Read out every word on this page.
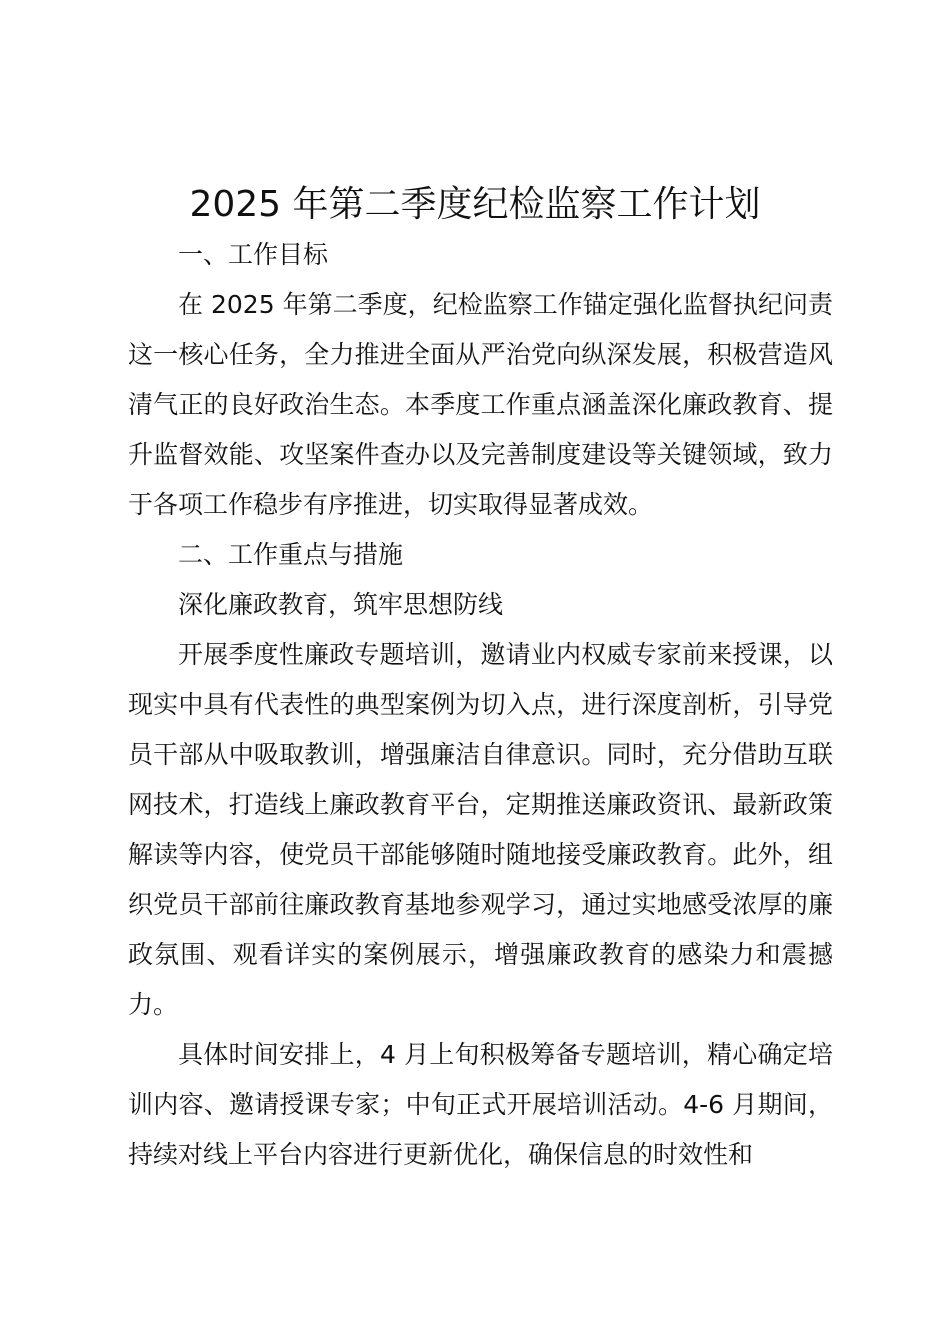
2025 年第二季度纪检监察工作计划

一、工作目标

在 2025 年第二季度，纪检监察工作锚定强化监督执纪问责这一核心任务，全力推进全面从严治党向纵深发展，积极营造风清气正的良好政治生态。本季度工作重点涵盖深化廉政教育、提升监督效能、攻坚案件查办以及完善制度建设等关键领域，致力于各项工作稳步有序推进，切实取得显著成效。

二、工作重点与措施

深化廉政教育，筑牢思想防线

开展季度性廉政专题培训，邀请业内权威专家前来授课，以现实中具有代表性的典型案例为切入点，进行深度剖析，引导党员干部从中吸取教训，增强廉洁自律意识。同时，充分借助互联网技术，打造线上廉政教育平台，定期推送廉政资讯、最新政策解读等内容，使党员干部能够随时随地接受廉政教育。此外，组织党员干部前往廉政教育基地参观学习，通过实地感受浓厚的廉政氛围、观看详实的案例展示，增强廉政教育的感染力和震撼力。

具体时间安排上，4 月上旬积极筹备专题培训，精心确定培训内容、邀请授课专家；中旬正式开展培训活动。4-6 月期间，持续对线上平台内容进行更新优化，确保信息的时效性和
